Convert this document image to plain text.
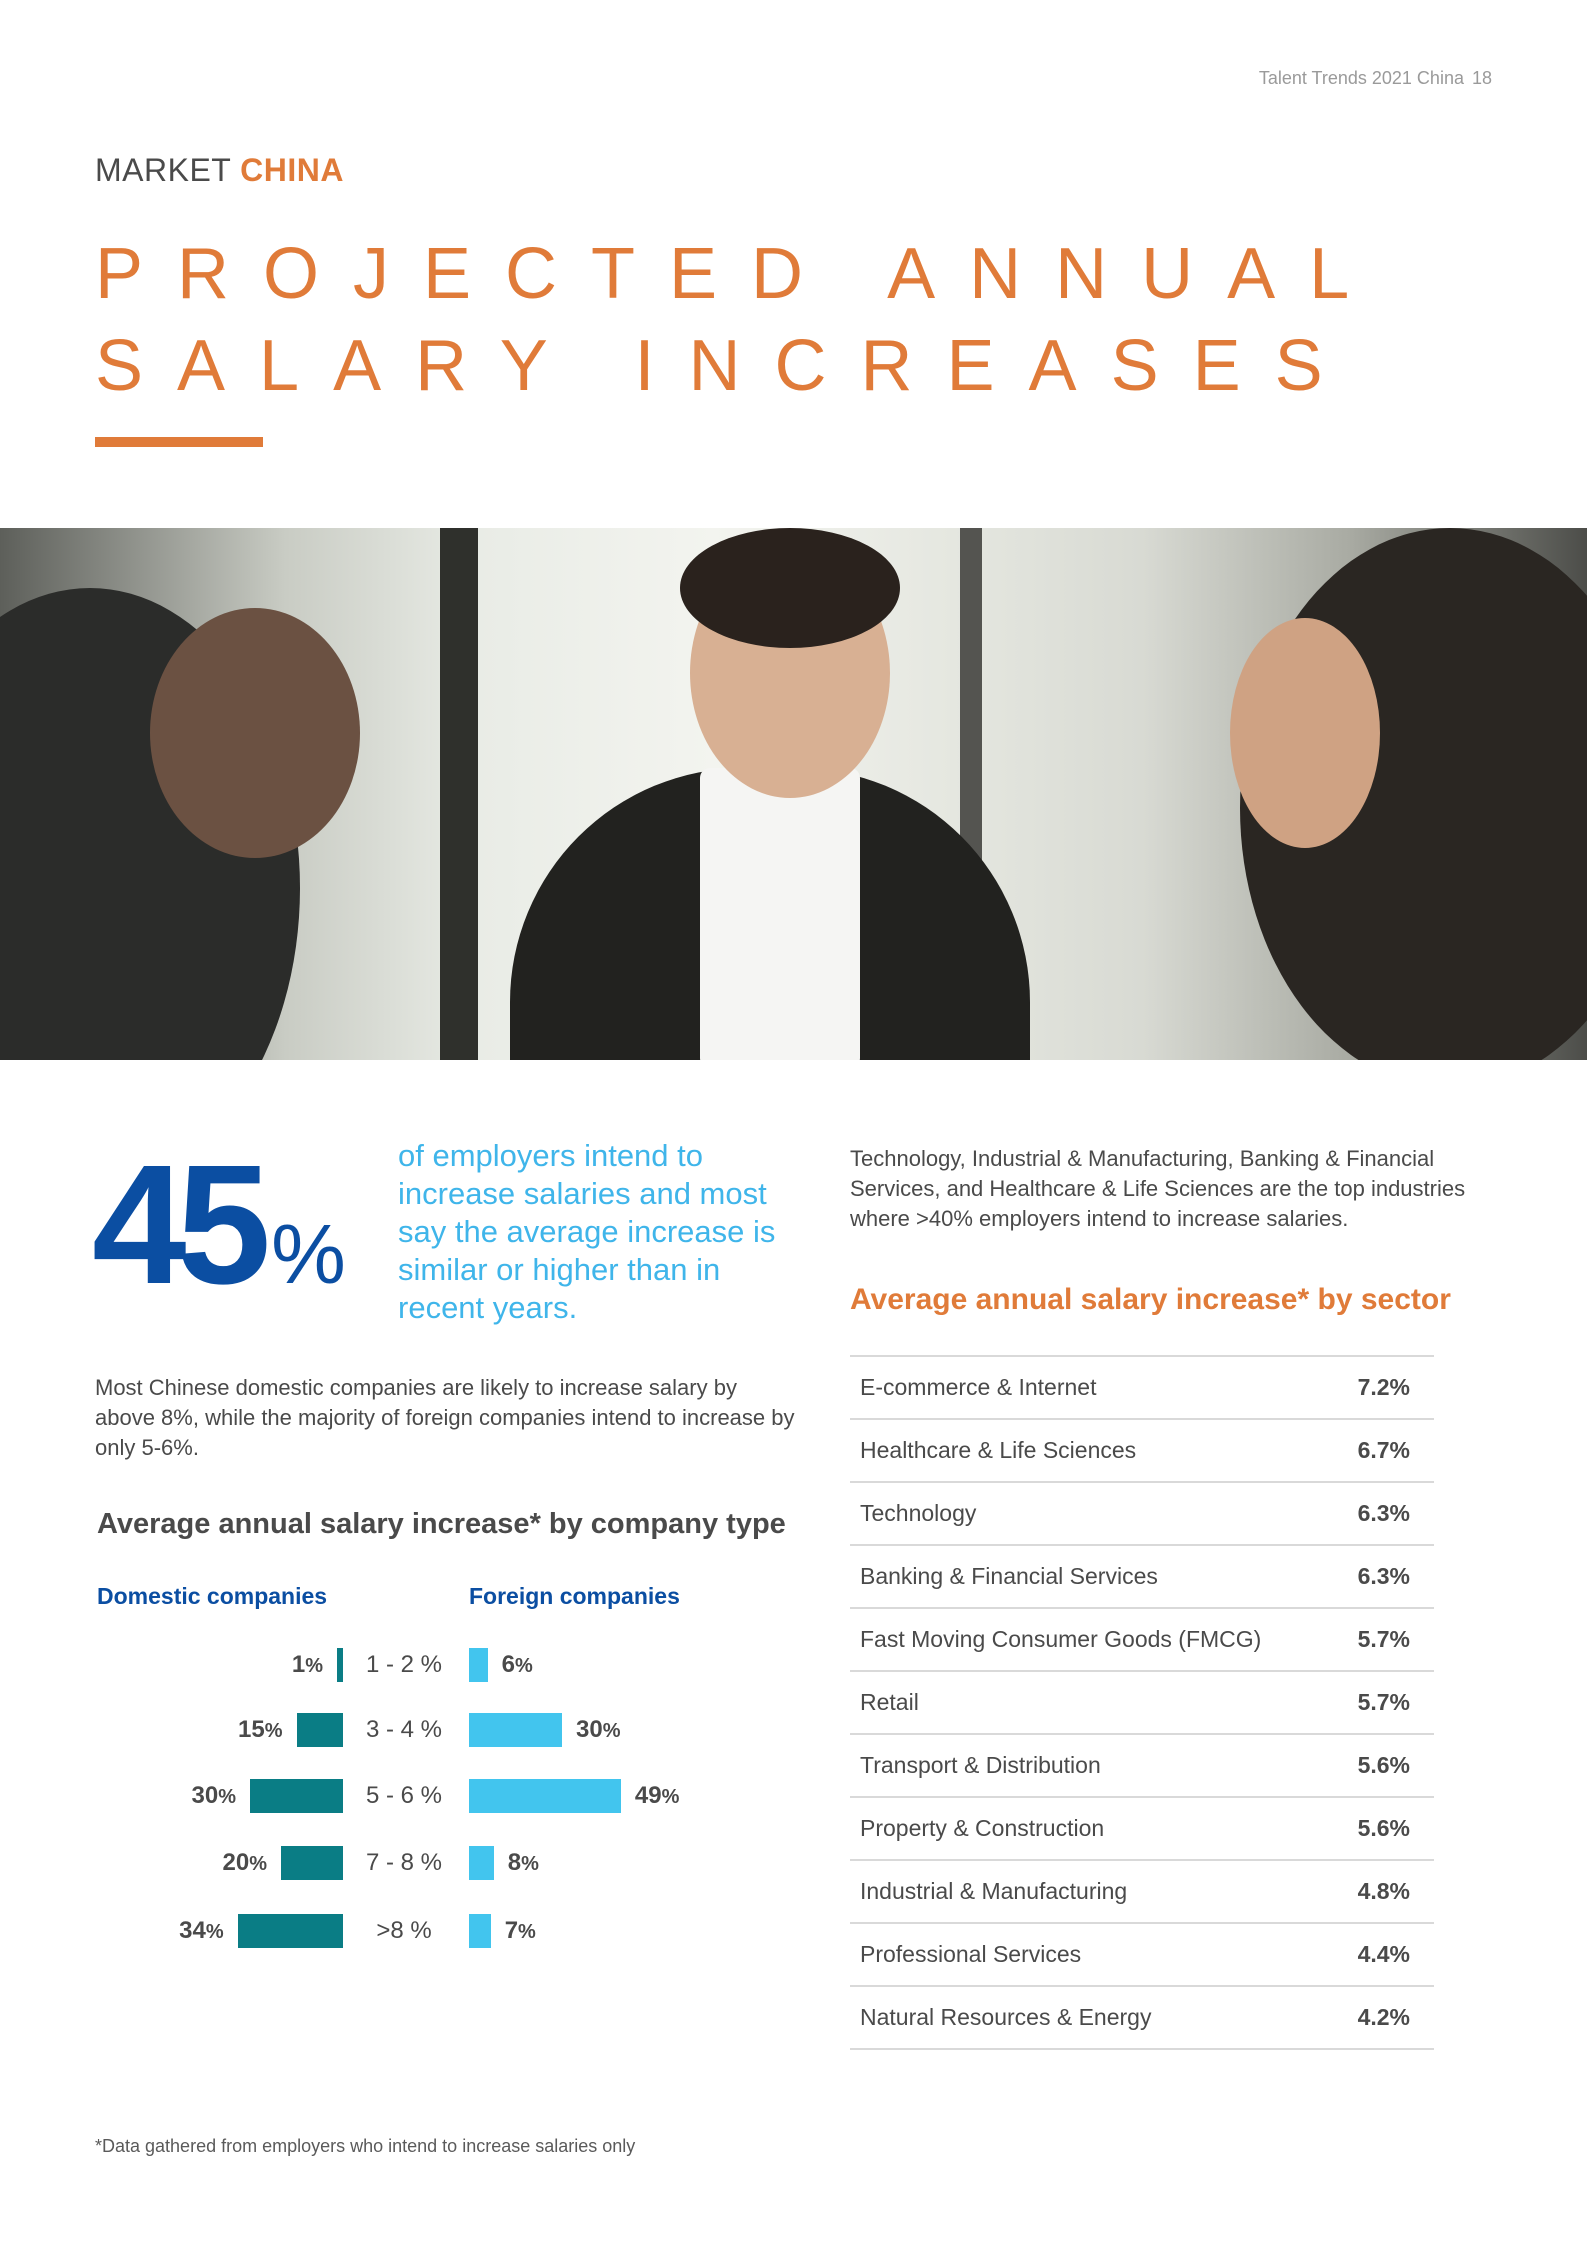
Talent Trends 2021 China 18
MARKET CHINA
PROJECTED ANNUAL
SALARY INCREASES
45 %
of employers intend to increase salaries and most say the average increase is similar or higher than in recent years.
Most Chinese domestic companies are likely to increase salary by above 8%, while the majority of foreign companies intend to increase by only 5-6%.
Average annual salary increase* by company type
Domestic companies	Foreign companies
1%	1 - 2 %	6%
15%	3 - 4 %	30%
30%	5 - 6 %	49%
20%	7 - 8 %	8%
34%	>8 %	7%
Technology, Industrial & Manufacturing, Banking & Financial Services, and Healthcare & Life Sciences are the top industries where >40% employers intend to increase salaries.
Average annual salary increase* by sector
E-commerce & Internet	7.2%
Healthcare & Life Sciences	6.7%
Technology	6.3%
Banking & Financial Services	6.3%
Fast Moving Consumer Goods (FMCG)	5.7%
Retail	5.7%
Transport & Distribution	5.6%
Property & Construction	5.6%
Industrial & Manufacturing	4.8%
Professional Services	4.4%
Natural Resources & Energy	4.2%
*Data gathered from employers who intend to increase salaries only
